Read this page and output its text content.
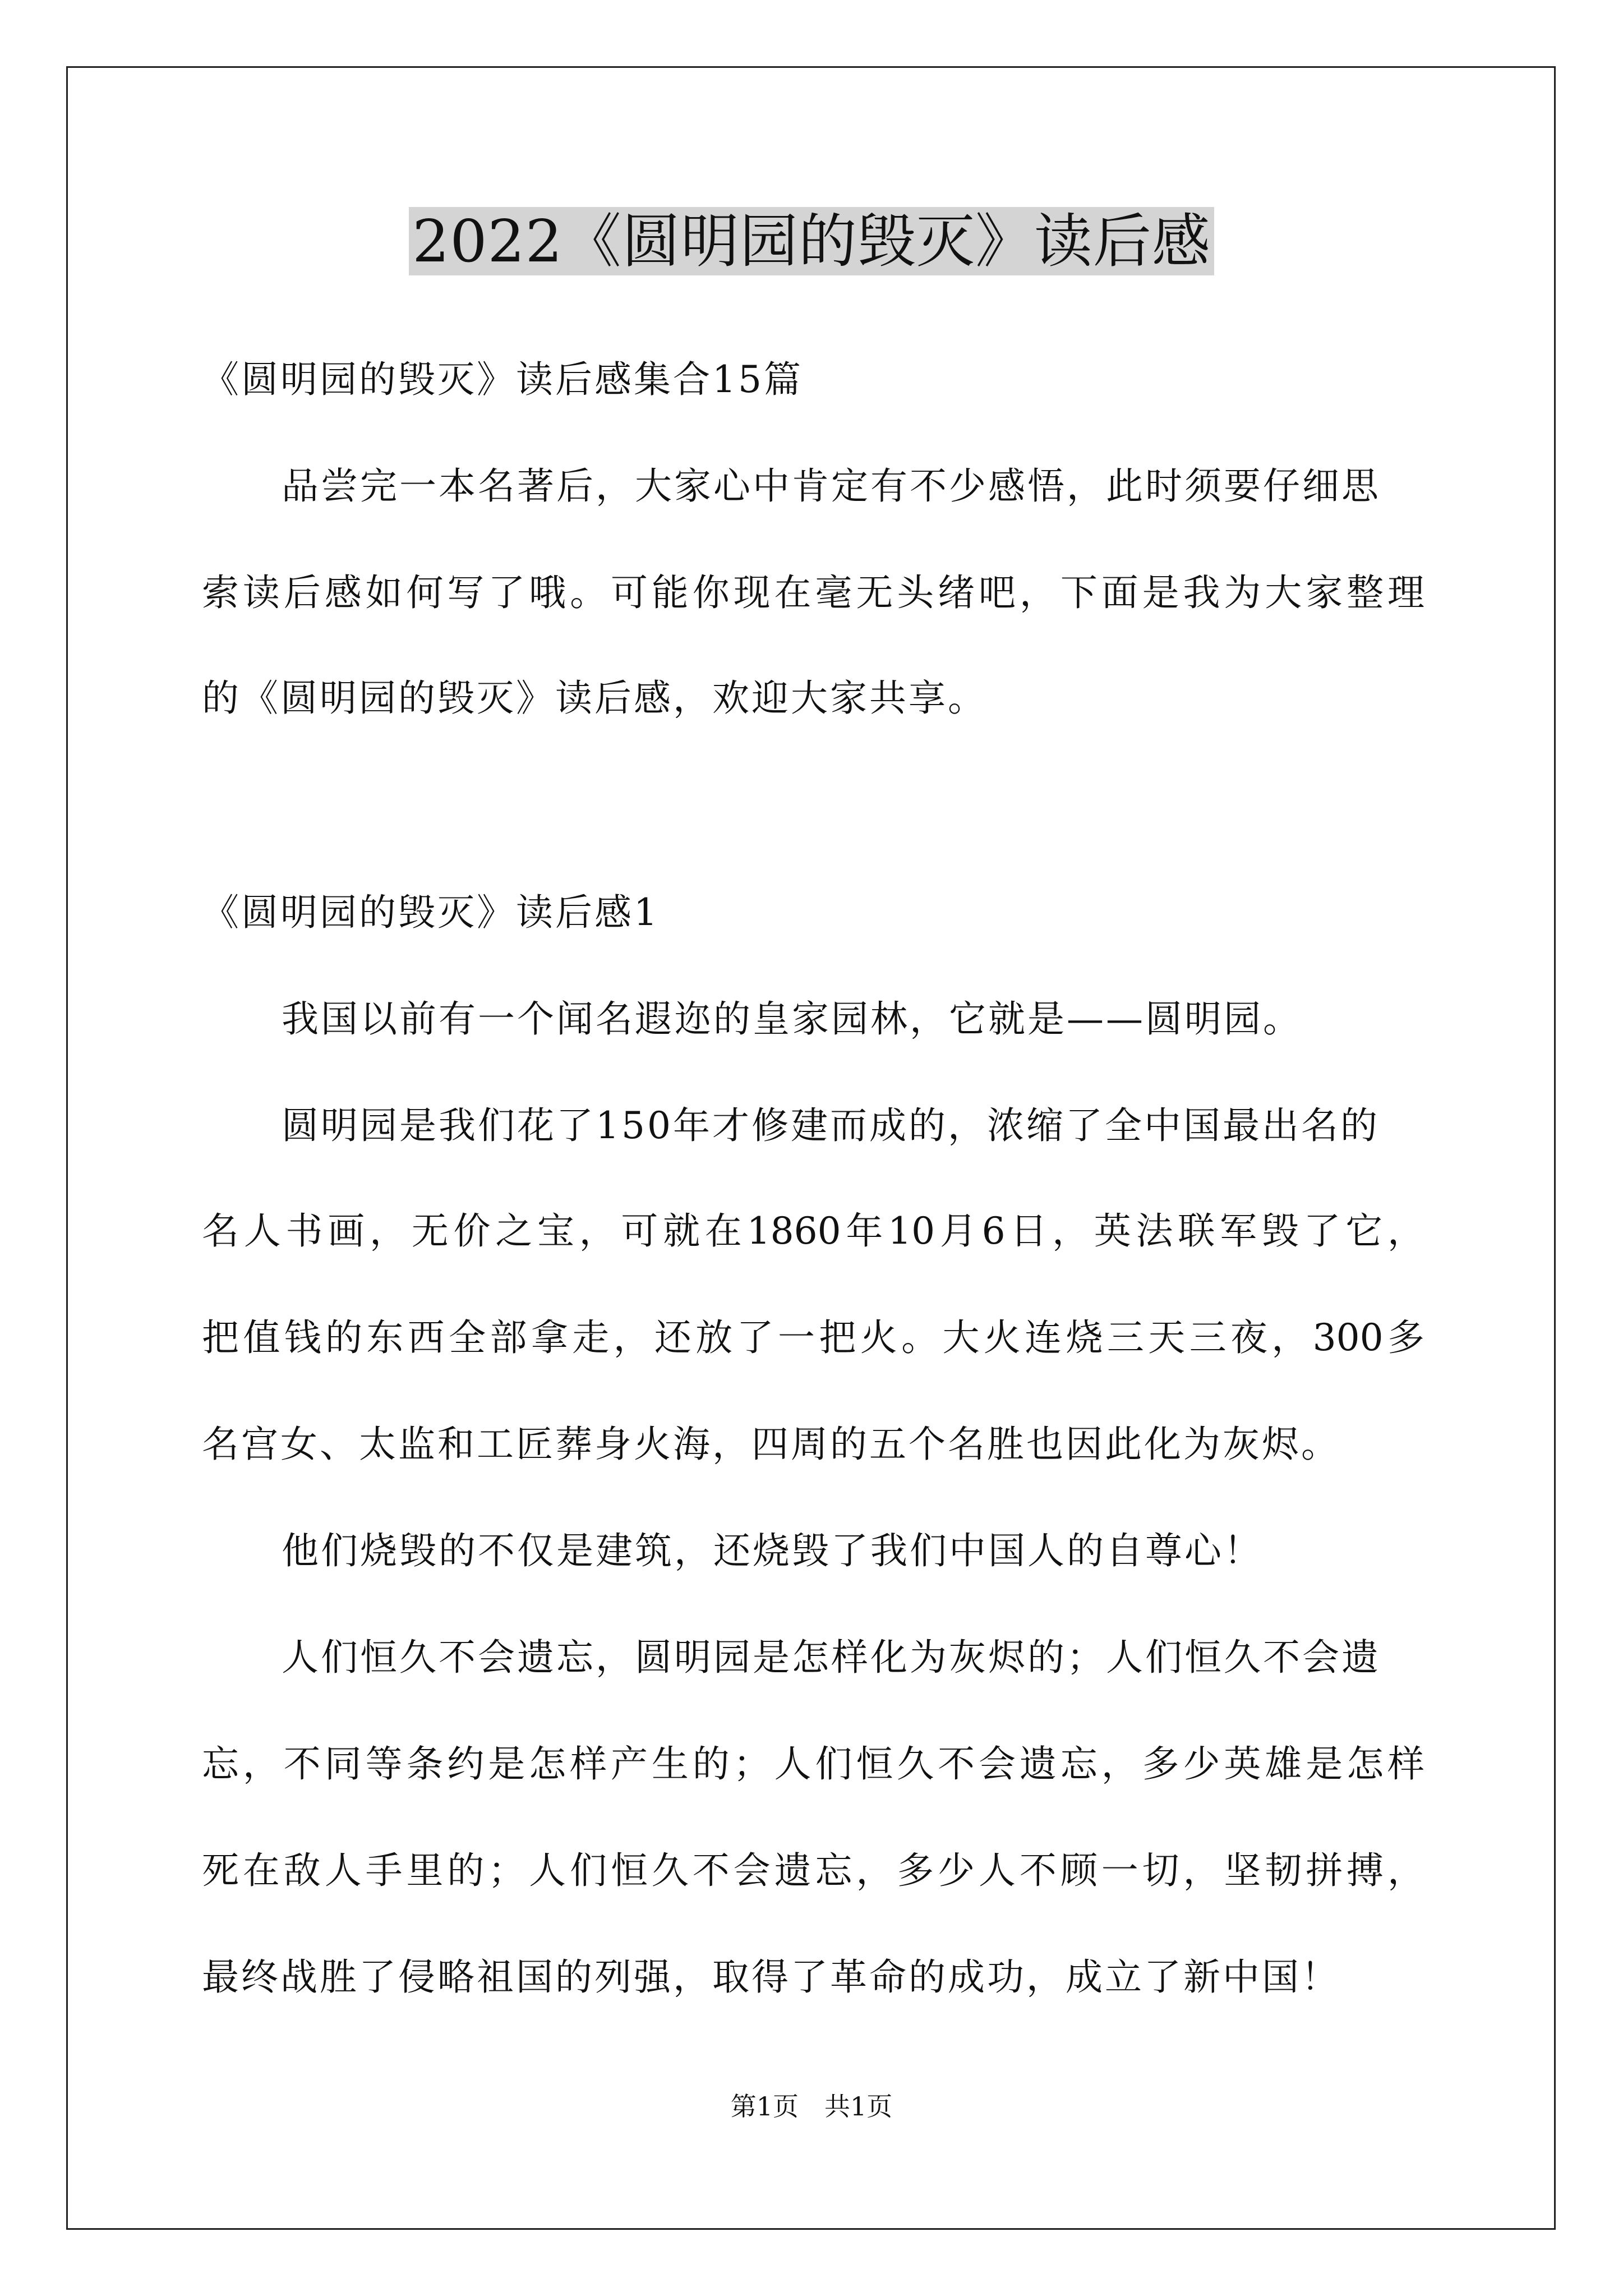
2022《圆明园的毁灭》读后感
《圆明园的毁灭》读后感集合15篇
品尝完一本名著后，大家心中肯定有不少感悟，此时须要仔细思
索读后感如何写了哦。可能你现在毫无头绪吧，下面是我为大家整理
的《圆明园的毁灭》读后感，欢迎大家共享。
《圆明园的毁灭》读后感1
我国以前有一个闻名遐迩的皇家园林，它就是——圆明园。
圆明园是我们花了150年才修建而成的，浓缩了全中国最出名的
名人书画，无价之宝，可就在1860年10月6日，英法联军毁了它，
把值钱的东西全部拿走，还放了一把火。大火连烧三天三夜，300多
名宫女、太监和工匠葬身火海，四周的五个名胜也因此化为灰烬。
他们烧毁的不仅是建筑，还烧毁了我们中国人的自尊心！
人们恒久不会遗忘，圆明园是怎样化为灰烬的；人们恒久不会遗
忘，不同等条约是怎样产生的；人们恒久不会遗忘，多少英雄是怎样
死在敌人手里的；人们恒久不会遗忘，多少人不顾一切，坚韧拼搏，
最终战胜了侵略祖国的列强，取得了革命的成功，成立了新中国！
第1页　共1页
